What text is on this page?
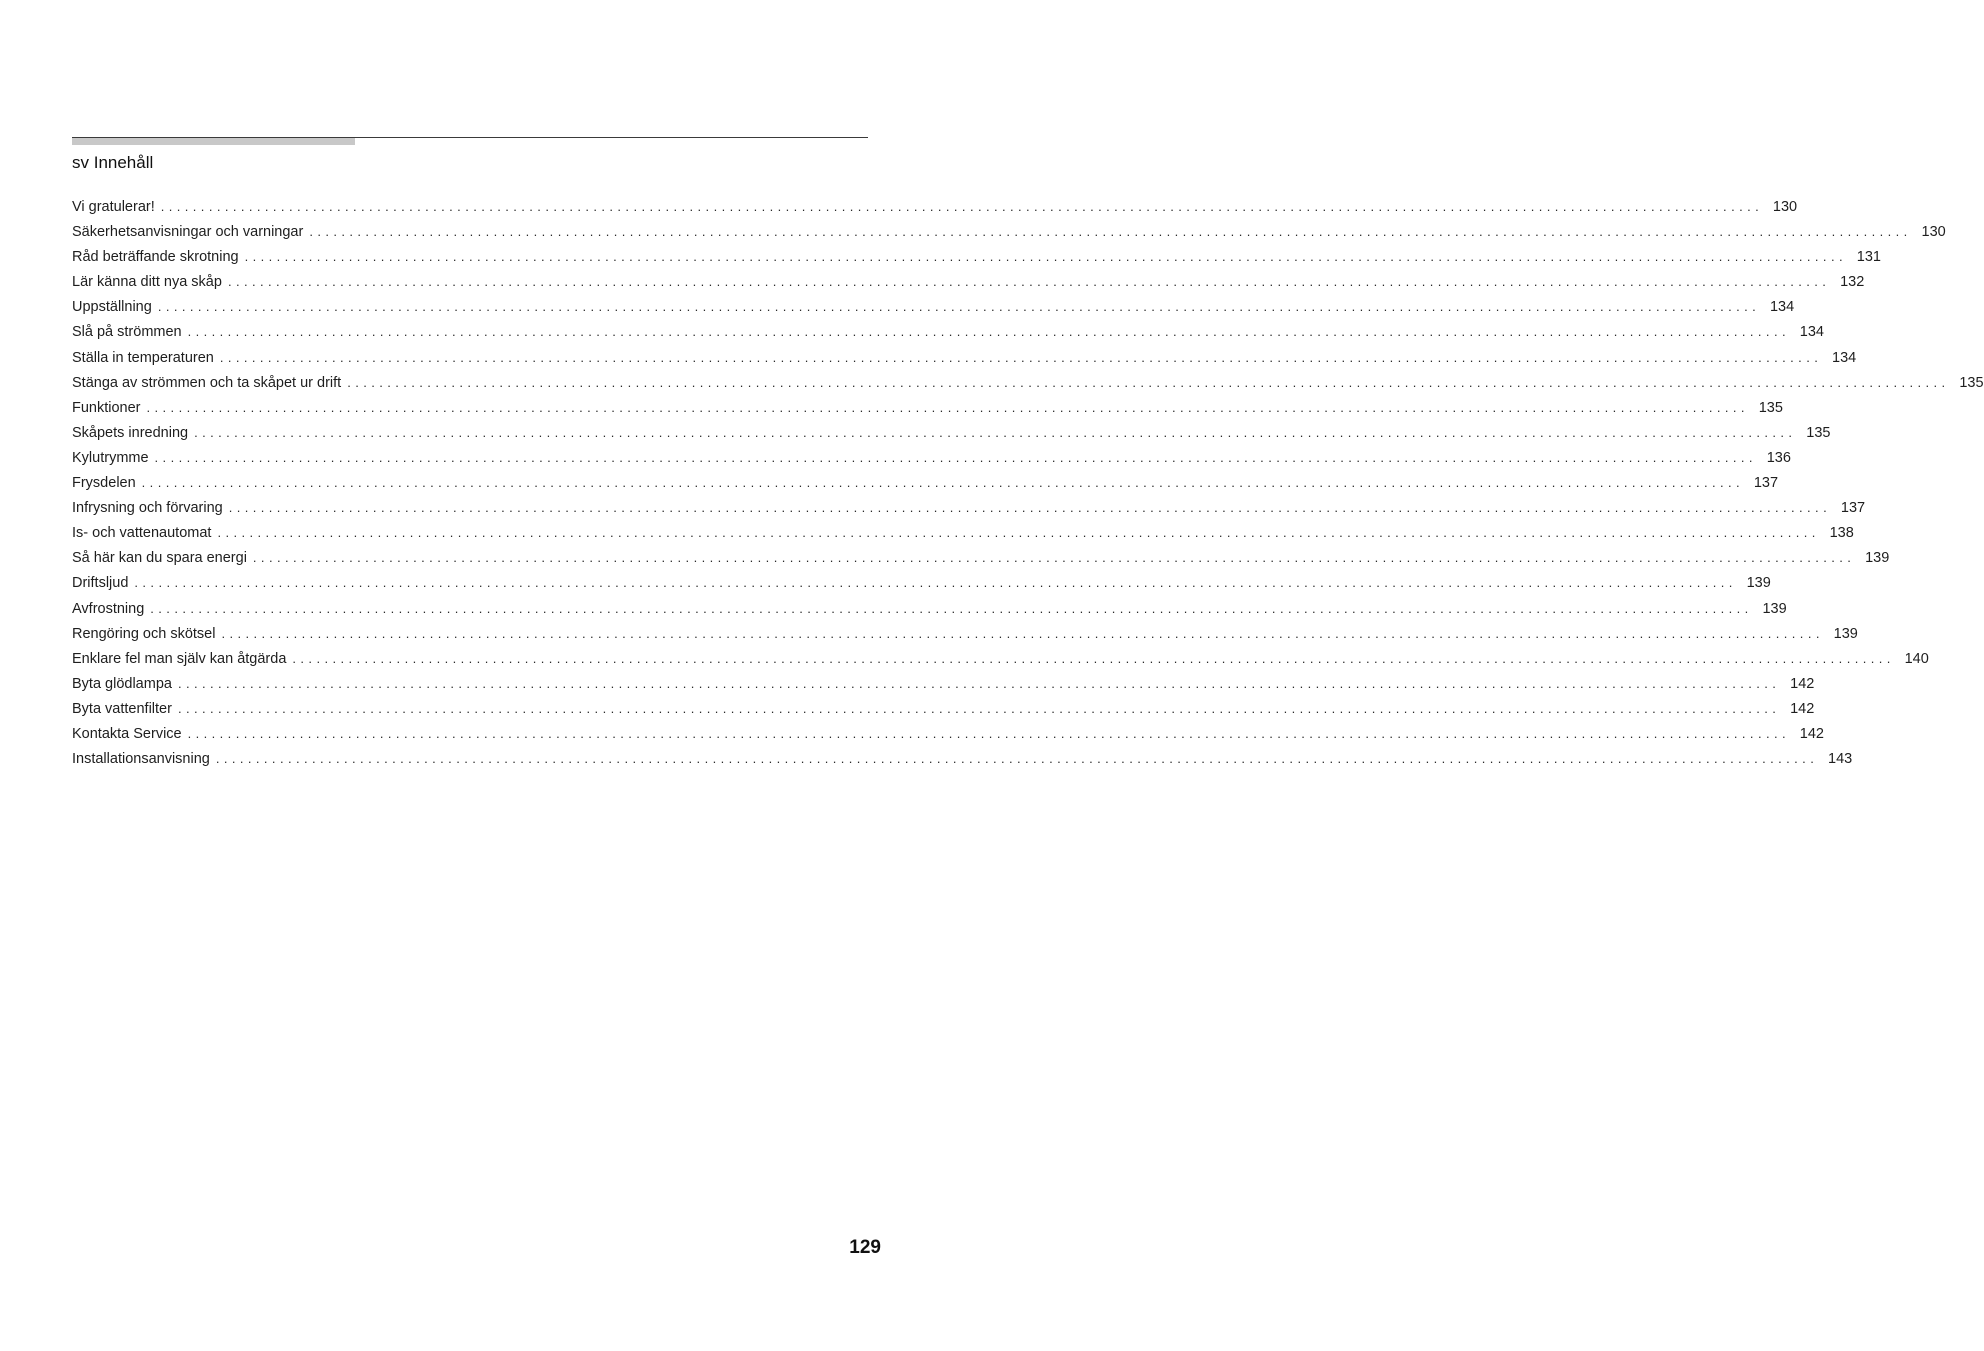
sv Innehåll
Vi gratulerar! ........................................................................................................................................................................................................ 130
Säkerhetsanvisningar och varningar ........................................................................................................................................................................................................ 130
Råd beträffande skrotning ........................................................................................................................................................................................................ 131
Lär känna ditt nya skåp ........................................................................................................................................................................................................ 132
Uppställning ........................................................................................................................................................................................................ 134
Slå på strömmen ........................................................................................................................................................................................................ 134
Ställa in temperaturen ........................................................................................................................................................................................................ 134
Stänga av strömmen och ta skåpet ur drift ........................................................................................................................................................................................................ 135
Funktioner ........................................................................................................................................................................................................ 135
Skåpets inredning ........................................................................................................................................................................................................ 135
Kylutrymme ........................................................................................................................................................................................................ 136
Frysdelen ........................................................................................................................................................................................................ 137
Infrysning och förvaring ........................................................................................................................................................................................................ 137
Is- och vattenautomat ........................................................................................................................................................................................................ 138
Så här kan du spara energi ........................................................................................................................................................................................................ 139
Driftsljud ........................................................................................................................................................................................................ 139
Avfrostning ........................................................................................................................................................................................................ 139
Rengöring och skötsel ........................................................................................................................................................................................................ 139
Enklare fel man själv kan åtgärda ........................................................................................................................................................................................................ 140
Byta glödlampa ........................................................................................................................................................................................................ 142
Byta vattenfilter ........................................................................................................................................................................................................ 142
Kontakta Service ........................................................................................................................................................................................................ 142
Installationsanvisning ........................................................................................................................................................................................................ 143
129
